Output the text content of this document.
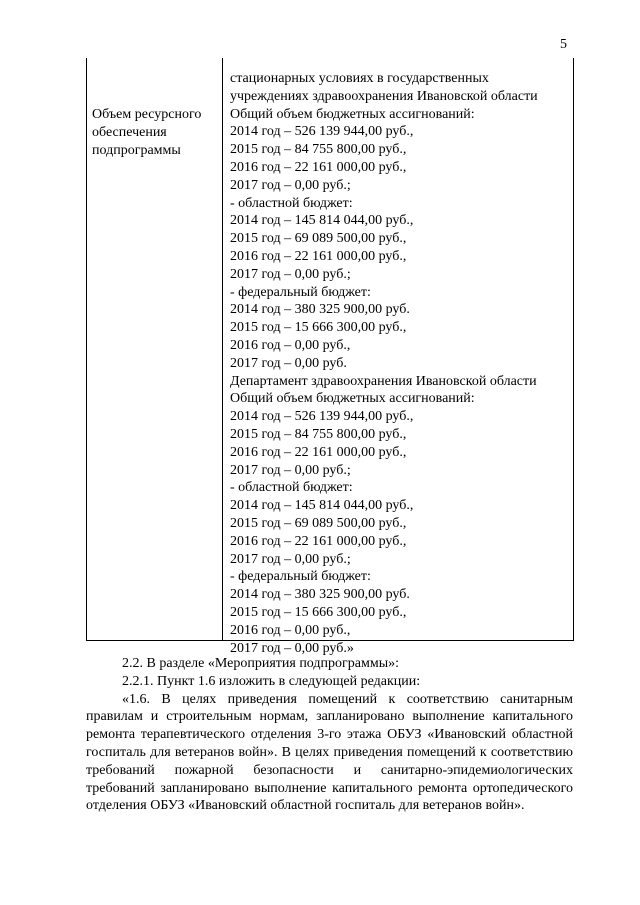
5
Объем ресурсного
обеспечения
подпрограммы
стационарных условиях в государственных
учреждениях здравоохранения Ивановской области
Общий объем бюджетных ассигнований:
2014 год – 526 139 944,00 руб.,
2015 год – 84 755 800,00 руб.,
2016 год – 22 161 000,00 руб.,
2017 год – 0,00 руб.;
- областной бюджет:
2014 год – 145 814 044,00 руб.,
2015 год – 69 089 500,00 руб.,
2016 год – 22 161 000,00 руб.,
2017 год – 0,00 руб.;
- федеральный бюджет:
2014 год – 380 325 900,00 руб.
2015 год – 15 666 300,00 руб.,
2016 год – 0,00 руб.,
2017 год – 0,00 руб.
Департамент здравоохранения Ивановской области
Общий объем бюджетных ассигнований:
2014 год – 526 139 944,00 руб.,
2015 год – 84 755 800,00 руб.,
2016 год – 22 161 000,00 руб.,
2017 год – 0,00 руб.;
- областной бюджет:
2014 год – 145 814 044,00 руб.,
2015 год – 69 089 500,00 руб.,
2016 год – 22 161 000,00 руб.,
2017 год – 0,00 руб.;
- федеральный бюджет:
2014 год – 380 325 900,00 руб.
2015 год – 15 666 300,00 руб.,
2016 год – 0,00 руб.,
2017 год – 0,00 руб.»
2.2. В разделе «Мероприятия подпрограммы»:
2.2.1. Пункт 1.6 изложить в следующей редакции:
«1.6. В целях приведения помещений к соответствию санитарным правилам и строительным нормам, запланировано выполнение капитального ремонта терапевтического отделения 3-го этажа ОБУЗ «Ивановский областной госпиталь для ветеранов войн». В целях приведения помещений к соответствию требований пожарной безопасности и санитарно-эпидемиологических требований запланировано выполнение капитального ремонта ортопедического отделения ОБУЗ «Ивановский областной госпиталь для ветеранов войн».
